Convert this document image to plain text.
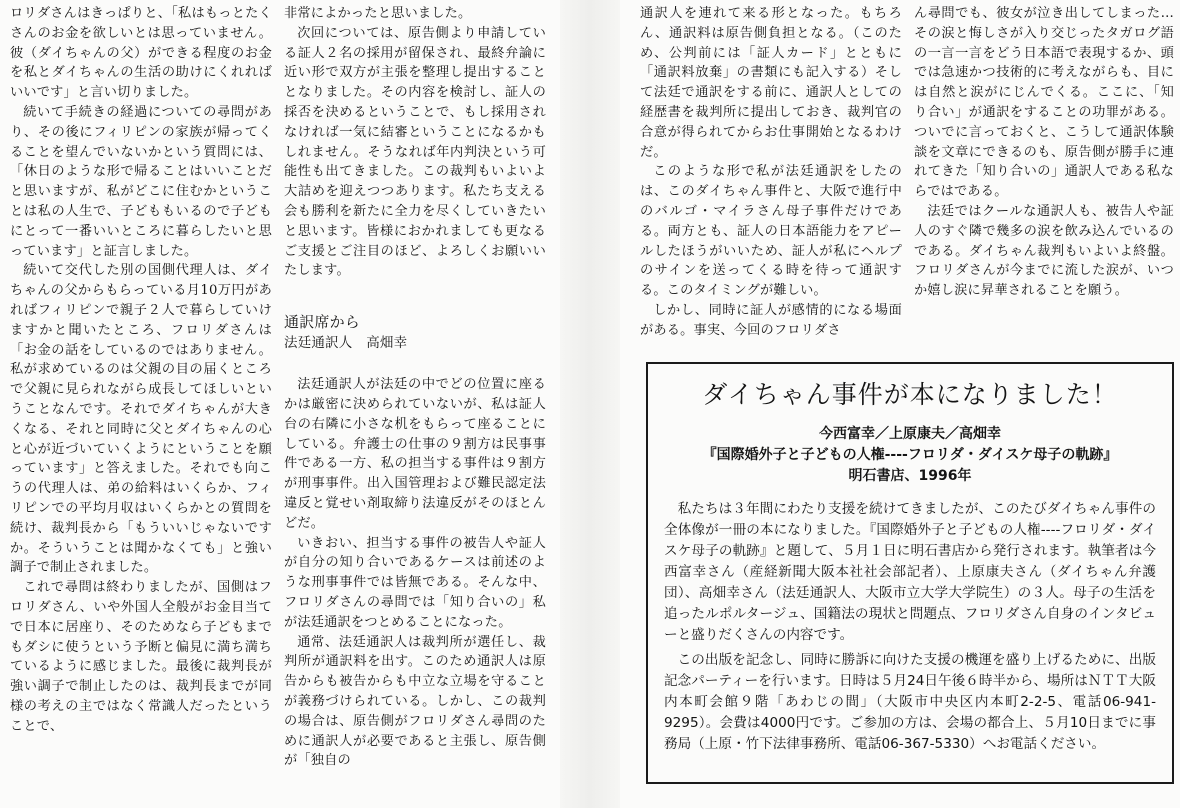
ロリダさんはきっぱりと、「私はもっとたくさんのお金を欲しいとは思っていません。彼（ダイちゃんの父）ができる程度のお金を私とダイちゃんの生活の助けにくれればいいです」と言い切りました。

続いて手続きの経過についての尋問があり、その後にフィリピンの家族が帰ってくることを望んでいないかという質問には、「休日のような形で帰ることはいいことだと思いますが、私がどこに住むかということは私の人生で、子どももいるので子どもにとって一番いいところに暮らしたいと思っています」と証言しました。

続いて交代した別の国側代理人は、ダイちゃんの父からもらっている月10万円があればフィリピンで親子２人で暮らしていけますかと聞いたところ、フロリダさんは「お金の話をしているのではありません。私が求めているのは父親の目の届くところで父親に見られながら成長してほしいということなんです。それでダイちゃんが大きくなる、それと同時に父とダイちゃんの心と心が近づいていくようにということを願っています」と答えました。それでも向こうの代理人は、弟の給料はいくらか、フィリピンでの平均月収はいくらかとの質問を続け、裁判長から「もういいじゃないですか。そういうことは聞かなくても」と強い調子で制止されました。

これで尋問は終わりましたが、国側はフロリダさん、いや外国人全般がお金目当てで日本に居座り、そのためなら子どもまでもダシに使うという予断と偏見に満ち満ちているように感じました。最後に裁判長が強い調子で制止したのは、裁判長までが同様の考えの主ではなく常識人だったということで、

非常によかったと思いました。

次回については、原告側より申請している証人２名の採用が留保され、最終弁論に近い形で双方が主張を整理し提出することとなりました。その内容を検討し、証人の採否を決めるということで、もし採用されなければ一気に結審ということになるかもしれません。そうなれば年内判決という可能性も出てきました。この裁判もいよいよ大詰めを迎えつつあります。私たち支える会も勝利を新たに全力を尽くしていきたいと思います。皆様におかれましても更なるご支援とご注目のほど、よろしくお願いいたします。

通訳席から
法廷通訳人　高畑幸

法廷通訳人が法廷の中でどの位置に座るかは厳密に決められていないが、私は証人台の右隣に小さな机をもらって座ることにしている。弁護士の仕事の９割方は民事事件である一方、私の担当する事件は９割方が刑事事件。出入国管理および難民認定法違反と覚せい剤取締り法違反がそのほとんどだ。

いきおい、担当する事件の被告人や証人が自分の知り合いであるケースは前述のような刑事事件では皆無である。そんな中、フロリダさんの尋問では「知り合いの」私が法廷通訳をつとめることになった。

通常、法廷通訳人は裁判所が選任し、裁判所が通訳料を出す。このため通訳人は原告からも被告からも中立な立場を守ることが義務づけられている。しかし、この裁判の場合は、原告側がフロリダさん尋問のために通訳人が必要であると主張し、原告側が「独自の

通訳人を連れて来る形となった。もちろん、通訳料は原告側負担となる。（このため、公判前には「証人カード」とともに「通訳料放棄」の書類にも記入する）そして法廷で通訳をする前に、通訳人としての経歴書を裁判所に提出しておき、裁判官の合意が得られてからお仕事開始となるわけだ。

このような形で私が法廷通訳をしたのは、このダイちゃん事件と、大阪で進行中のバルゴ・マイラさん母子事件だけである。両方とも、証人の日本語能力をアピールしたほうがいいため、証人が私にヘルプのサインを送ってくる時を待って通訳する。このタイミングが難しい。

しかし、同時に証人が感情的になる場面がある。事実、今回のフロリダさ

ん尋問でも、彼女が泣き出してしまった…その涙と悔しさが入り交じったタガログ語の一言一言をどう日本語で表現するか、頭では急速かつ技術的に考えながらも、目には自然と涙がにじんでくる。ここに、「知り合い」が通訳をすることの功罪がある。ついでに言っておくと、こうして通訳体験談を文章にできるのも、原告側が勝手に連れてきた「知り合いの」通訳人である私ならではである。

法廷ではクールな通訳人も、被告人や証人のすぐ隣で幾多の涙を飲み込んでいるのである。ダイちゃん裁判もいよいよ終盤。フロリダさんが今までに流した涙が、いつか嬉し涙に昇華されることを願う。

ダイちゃん事件が本になりました！
今西富幸／上原康夫／高畑幸
『国際婚外子と子どもの人権----フロリダ・ダイスケ母子の軌跡』
明石書店、1996年

私たちは３年間にわたり支援を続けてきましたが、このたびダイちゃん事件の全体像が一冊の本になりました。『国際婚外子と子どもの人権----フロリダ・ダイスケ母子の軌跡』と題して、５月１日に明石書店から発行されます。執筆者は今西富幸さん（産経新聞大阪本社社会部記者）、上原康夫さん（ダイちゃん弁護団）、高畑幸さん（法廷通訳人、大阪市立大学大学院生）の３人。母子の生活を追ったルポルタージュ、国籍法の現状と問題点、フロリダさん自身のインタビューと盛りだくさんの内容です。

この出版を記念し、同時に勝訴に向けた支援の機運を盛り上げるために、出版記念パーティーを行います。日時は５月24日午後６時半から、場所はＮＴＴ大阪内本町会館９階「あわじの間」（大阪市中央区内本町2-2-5、電話06-941-9295）。会費は4000円です。ご参加の方は、会場の都合上、５月10日までに事務局（上原・竹下法律事務所、電話06-367-5330）へお電話ください。
